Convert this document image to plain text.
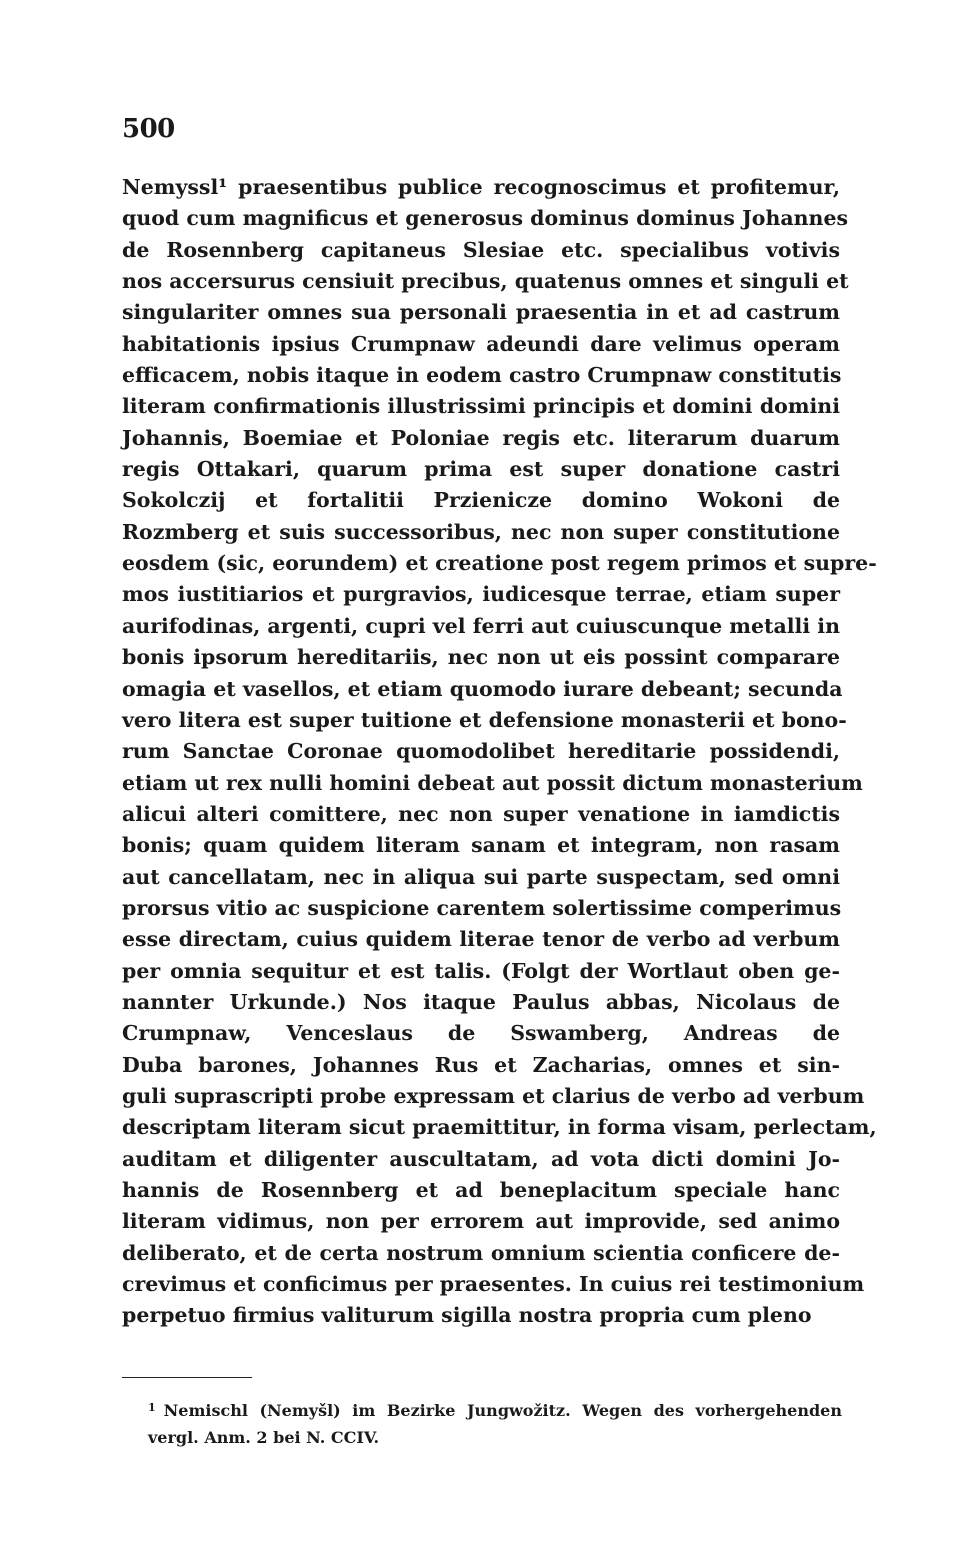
500
Nemyssl¹ praesentibus publice recognoscimus et profitemur,
quod cum magnificus et generosus dominus dominus Johannes
de Rosennberg capitaneus Slesiae etc. specialibus votivis
nos accersurus censiuit precibus, quatenus omnes et singuli et
singulariter omnes sua personali praesentia in et ad castrum
habitationis ipsius Crumpnaw adeundi dare velimus operam
efficacem, nobis itaque in eodem castro Crumpnaw constitutis
literam confirmationis illustrissimi principis et domini domini
Johannis, Boemiae et Poloniae regis etc. literarum duarum
regis Ottakari, quarum prima est super donatione castri
Sokolczij et fortalitii Przienicze domino Wokoni de
Rozmberg et suis successoribus, nec non super constitutione
eosdem (sic, eorundem) et creatione post regem primos et supre-
mos iustitiarios et purgravios, iudicesque terrae, etiam super
aurifodinas, argenti, cupri vel ferri aut cuiuscunque metalli in
bonis ipsorum hereditariis, nec non ut eis possint comparare
omagia et vasellos, et etiam quomodo iurare debeant; secunda
vero litera est super tuitione et defensione monasterii et bono-
rum Sanctae Coronae quomodolibet hereditarie possidendi,
etiam ut rex nulli homini debeat aut possit dictum monasterium
alicui alteri comittere, nec non super venatione in iamdictis
bonis; quam quidem literam sanam et integram, non rasam
aut cancellatam, nec in aliqua sui parte suspectam, sed omni
prorsus vitio ac suspicione carentem solertissime comperimus
esse directam, cuius quidem literae tenor de verbo ad verbum
per omnia sequitur et est talis. (Folgt der Wortlaut oben ge-
nannter Urkunde.) Nos itaque Paulus abbas, Nicolaus de
Crumpnaw, Venceslaus de Sswamberg, Andreas de
Duba barones, Johannes Rus et Zacharias, omnes et sin-
guli suprascripti probe expressam et clarius de verbo ad verbum
descriptam literam sicut praemittitur, in forma visam, perlectam,
auditam et diligenter auscultatam, ad vota dicti domini Jo-
hannis de Rosennberg et ad beneplacitum speciale hanc
literam vidimus, non per errorem aut improvide, sed animo
deliberato, et de certa nostrum omnium scientia conficere de-
crevimus et conficimus per praesentes. In cuius rei testimonium
perpetuo firmius valiturum sigilla nostra propria cum pleno
$^1$ Nemischl (Nemyšl) im Bezirke Jungwožitz. Wegen des vorhergehenden
vergl. Anm. 2 bei N. CCIV.
